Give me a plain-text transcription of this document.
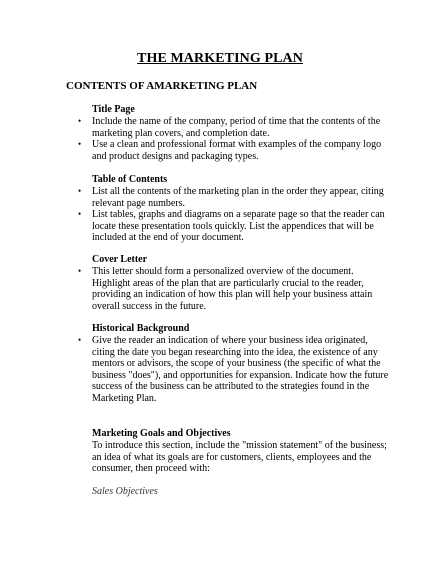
THE MARKETING PLAN
CONTENTS OF AMARKETING PLAN
Title Page
• Include the name of the company, period of time that the contents of the marketing plan covers, and completion date.
• Use a clean and professional format with examples of the company logo and product designs and packaging types.
Table of Contents
• List all the contents of the marketing plan in the order they appear, citing relevant page numbers.
• List tables, graphs and diagrams on a separate page so that the reader can locate these presentation tools quickly. List the appendices that will be included at the end of your document.
Cover Letter
• This letter should form a personalized overview of the document. Highlight areas of the plan that are particularly crucial to the reader, providing an indication of how this plan will help your business attain overall success in the future.
Historical Background
• Give the reader an indication of where your business idea originated, citing the date you began researching into the idea, the existence of any mentors or advisors, the scope of your business (the specific of what the business "does"), and opportunities for expansion. Indicate how the future success of the business can be attributed to the strategies found in the Marketing Plan.
Marketing Goals and Objectives
To introduce this section, include the "mission statement" of the business; an idea of what its goals are for customers, clients, employees and the consumer, then proceed with:
Sales Objectives
